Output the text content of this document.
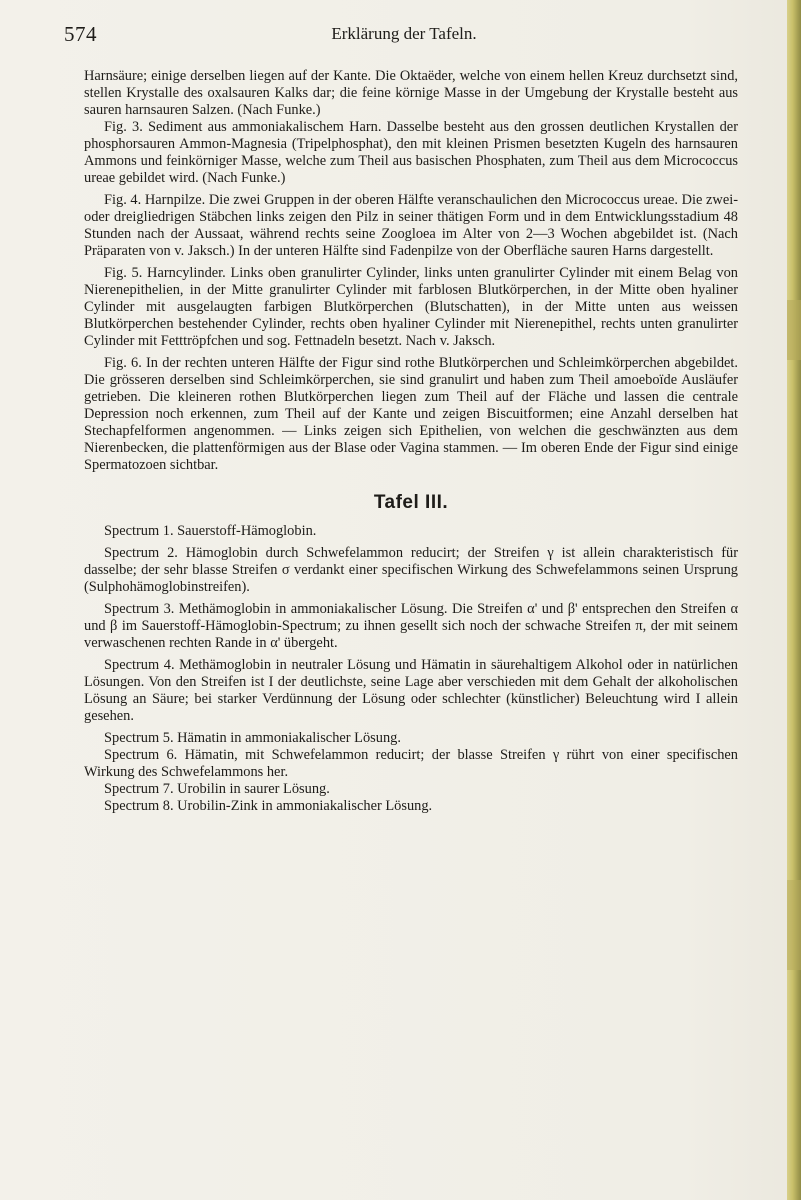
574	Erklärung der Tafeln.

Harnsäure; einige derselben liegen auf der Kante. Die Oktaëder, welche von einem hellen Kreuz durchsetzt sind, stellen Krystalle des oxalsauren Kalks dar; die feine körnige Masse in der Umgebung der Krystalle besteht aus sauren harnsauren Salzen. (Nach Funke.)

Fig. 3. Sediment aus ammoniakalischem Harn. Dasselbe besteht aus den grossen deutlichen Krystallen der phosphorsauren Ammon-Magnesia (Tripelphosphat), den mit kleinen Prismen besetzten Kugeln des harnsauren Ammons und feinkörniger Masse, welche zum Theil aus basischen Phosphaten, zum Theil aus dem Micrococcus ureae gebildet wird. (Nach Funke.)

Fig. 4. Harnpilze. Die zwei Gruppen in der oberen Hälfte veranschaulichen den Micrococcus ureae. Die zwei- oder dreigliedrigen Stäbchen links zeigen den Pilz in seiner thätigen Form und in dem Entwicklungsstadium 48 Stunden nach der Aussaat, während rechts seine Zoogloea im Alter von 2—3 Wochen abgebildet ist. (Nach Präparaten von v. Jaksch.) In der unteren Hälfte sind Fadenpilze von der Oberfläche sauren Harns dargestellt.

Fig. 5. Harncylinder. Links oben granulirter Cylinder, links unten granulirter Cylinder mit einem Belag von Nierenepithelien, in der Mitte granulirter Cylinder mit farblosen Blutkörperchen, in der Mitte oben hyaliner Cylinder mit ausgelaugten farbigen Blutkörperchen (Blutschatten), in der Mitte unten aus weissen Blutkörperchen bestehender Cylinder, rechts oben hyaliner Cylinder mit Nierenepithel, rechts unten granulirter Cylinder mit Fetttröpfchen und sog. Fettnadeln besetzt. Nach v. Jaksch.

Fig. 6. In der rechten unteren Hälfte der Figur sind rothe Blutkörperchen und Schleimkörperchen abgebildet. Die grösseren derselben sind Schleimkörperchen, sie sind granulirt und haben zum Theil amoeboïde Ausläufer getrieben. Die kleineren rothen Blutkörperchen liegen zum Theil auf der Fläche und lassen die centrale Depression noch erkennen, zum Theil auf der Kante und zeigen Biscuitformen; eine Anzahl derselben hat Stechapfelformen angenommen. — Links zeigen sich Epithelien, von welchen die geschwänzten aus dem Nierenbecken, die plattenförmigen aus der Blase oder Vagina stammen. — Im oberen Ende der Figur sind einige Spermatozoen sichtbar.

Tafel III.

Spectrum 1. Sauerstoff-Hämoglobin.

Spectrum 2. Hämoglobin durch Schwefelammon reducirt; der Streifen γ ist allein charakteristisch für dasselbe; der sehr blasse Streifen σ verdankt einer specifischen Wirkung des Schwefelammons seinen Ursprung (Sulphohämoglobinstreifen).

Spectrum 3. Methämoglobin in ammoniakalischer Lösung. Die Streifen α' und β' entsprechen den Streifen α und β im Sauerstoff-Hämoglobin-Spectrum; zu ihnen gesellt sich noch der schwache Streifen π, der mit seinem verwaschenen rechten Rande in α' übergeht.

Spectrum 4. Methämoglobin in neutraler Lösung und Hämatin in säurehaltigem Alkohol oder in natürlichen Lösungen. Von den Streifen ist I der deutlichste, seine Lage aber verschieden mit dem Gehalt der alkoholischen Lösung an Säure; bei starker Verdünnung der Lösung oder schlechter (künstlicher) Beleuchtung wird I allein gesehen.

Spectrum 5. Hämatin in ammoniakalischer Lösung.

Spectrum 6. Hämatin, mit Schwefelammon reducirt; der blasse Streifen γ rührt von einer specifischen Wirkung des Schwefelammons her.

Spectrum 7. Urobilin in saurer Lösung.

Spectrum 8. Urobilin-Zink in ammoniakalischer Lösung.
